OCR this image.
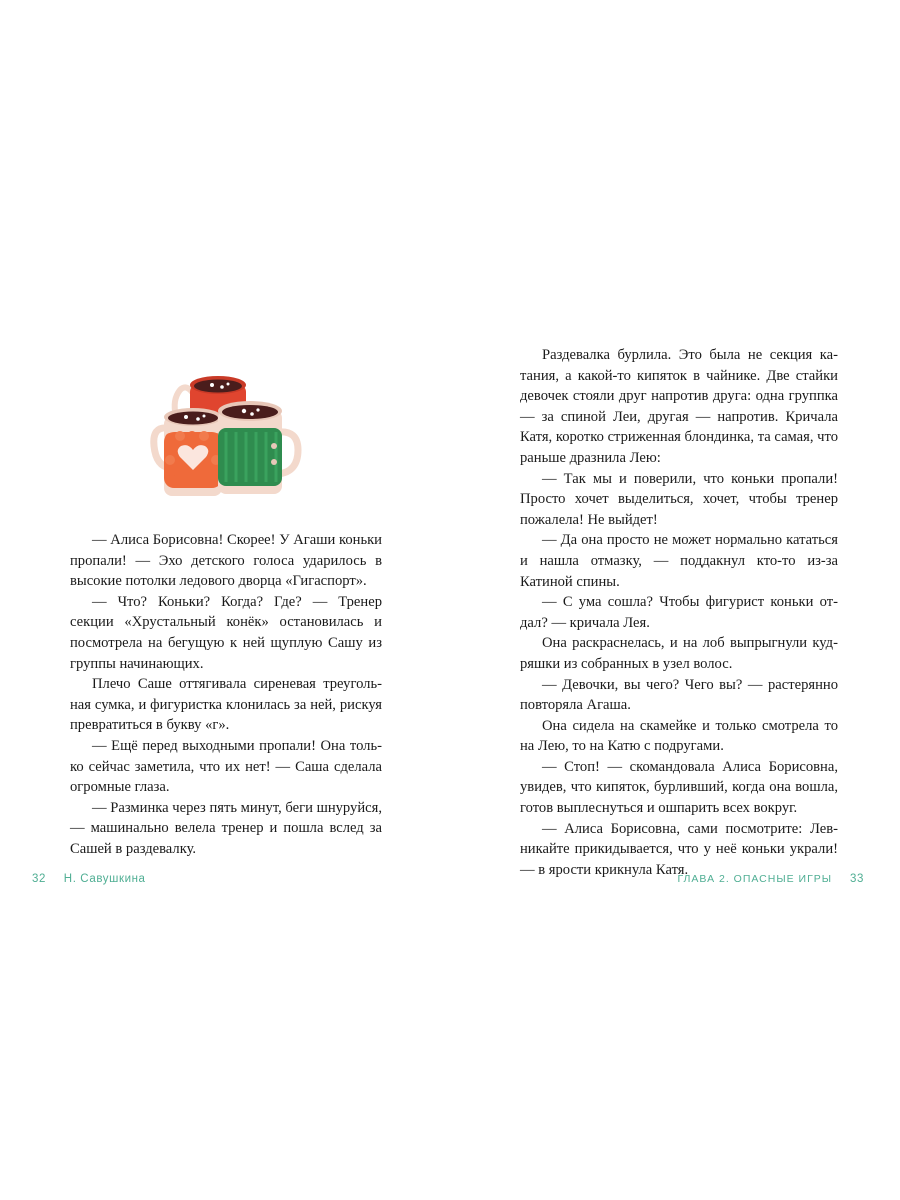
— Алиса Борисовна! Скорее! У Агаши коньки пропали! — Эхо детского голоса ударилось в высокие потолки ледового дворца «Гигаспорт».

— Что? Коньки? Когда? Где? — Тренер секции «Хрустальный конёк» остановилась и посмотрела на бегущую к ней щуплую Сашу из группы начинающих.

Плечо Саше оттягивала сиреневая треугольная сумка, и фигуристка клонилась за ней, рискуя превратиться в букву «г».

— Ещё перед выходными пропали! Она только сейчас заметила, что их нет! — Саша сделала огромные глаза.

— Разминка через пять минут, беги шнуруйся, — машинально велела тренер и пошла вслед за Сашей в раздевалку.

32 Н. Савушкина

Раздевалка бурлила. Это была не секция катания, а какой-то кипяток в чайнике. Две стайки девочек стояли друг напротив друга: одна группка — за спиной Леи, другая — напротив. Кричала Катя, коротко стриженная блондинка, та самая, что раньше дразнила Лею:

— Так мы и поверили, что коньки пропали! Просто хочет выделиться, хочет, чтобы тренер пожалела! Не выйдет!

— Да она просто не может нормально кататься и нашла отмазку, — поддакнул кто-то из-за Катиной спины.

— С ума сошла? Чтобы фигурист коньки отдал? — кричала Лея.

Она раскраснелась, и на лоб выпрыгнули кудряшки из собранных в узел волос.

— Девочки, вы чего? Чего вы? — растерянно повторяла Агаша.

Она сидела на скамейке и только смотрела то на Лею, то на Катю с подругами.

— Стоп! — скомандовала Алиса Борисовна, увидев, что кипяток, бурливший, когда она вошла, готов выплеснуться и ошпарить всех вокруг.

— Алиса Борисовна, сами посмотрите: Левникайте прикидывается, что у неё коньки украли! — в ярости крикнула Катя.

ГЛАВА 2. ОПАСНЫЕ ИГРЫ 33
